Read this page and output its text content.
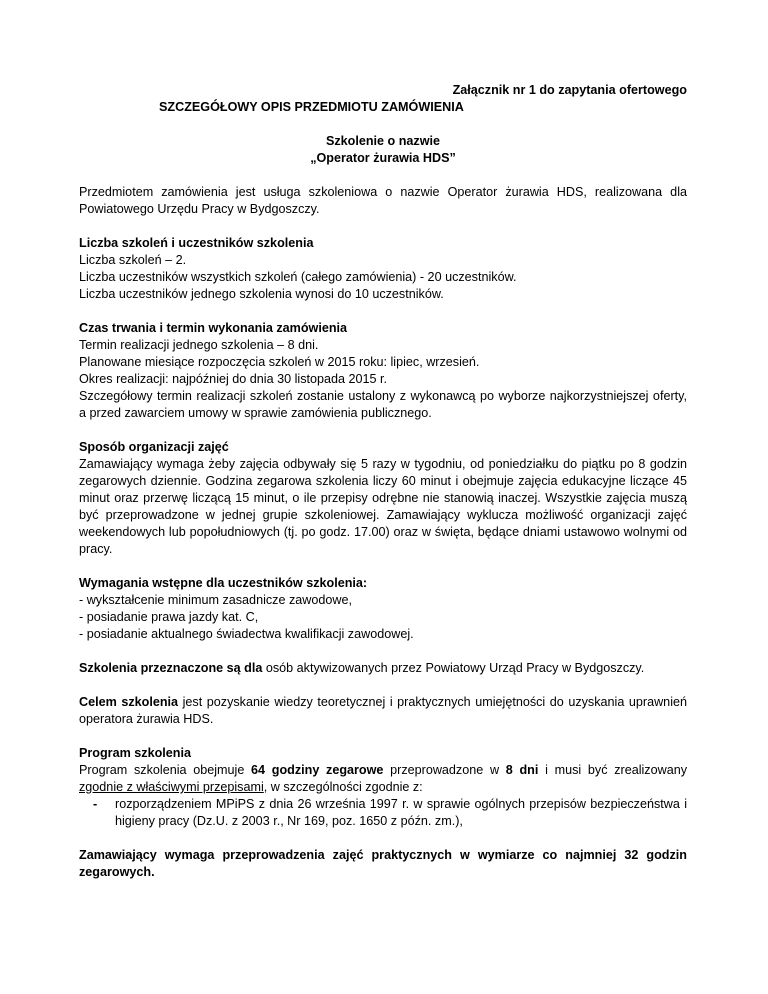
Załącznik nr 1 do zapytania ofertowego

SZCZEGÓŁOWY OPIS PRZEDMIOTU ZAMÓWIENIA

Szkolenie o nazwie

„Operator żurawia HDS”

Przedmiotem zamówienia jest usługa szkoleniowa o nazwie Operator żurawia HDS, realizowana dla Powiatowego Urzędu Pracy w Bydgoszczy.

Liczba szkoleń i uczestników szkolenia

Liczba szkoleń – 2.

Liczba uczestników wszystkich szkoleń (całego zamówienia) - 20 uczestników.

Liczba uczestników jednego szkolenia wynosi do 10 uczestników.

Czas trwania i termin wykonania zamówienia

Termin realizacji jednego szkolenia – 8 dni.

Planowane miesiące rozpoczęcia szkoleń w 2015 roku: lipiec, wrzesień.

Okres realizacji: najpóźniej do dnia 30 listopada 2015 r.

Szczegółowy termin realizacji szkoleń zostanie ustalony z wykonawcą po wyborze najkorzystniejszej oferty, a przed zawarciem umowy w sprawie zamówienia publicznego.

Sposób organizacji zajęć

Zamawiający wymaga żeby zajęcia odbywały się 5 razy w tygodniu, od poniedziałku do piątku po 8 godzin zegarowych dziennie. Godzina zegarowa szkolenia liczy 60 minut i obejmuje zajęcia edukacyjne liczące 45 minut oraz przerwę liczącą 15 minut, o ile przepisy odrębne nie stanowią inaczej. Wszystkie zajęcia muszą być przeprowadzone w jednej grupie szkoleniowej. Zamawiający wyklucza możliwość organizacji zajęć weekendowych lub popołudniowych (tj. po godz. 17.00) oraz w święta, będące dniami ustawowo wolnymi od pracy.

Wymagania wstępne dla uczestników szkolenia:

- wykształcenie minimum zasadnicze zawodowe,

- posiadanie prawa jazdy kat. C,

- posiadanie aktualnego świadectwa kwalifikacji zawodowej.

Szkolenia przeznaczone są dla osób aktywizowanych przez Powiatowy Urząd Pracy w Bydgoszczy.

Celem szkolenia jest pozyskanie wiedzy teoretycznej i praktycznych umiejętności do uzyskania uprawnień operatora żurawia HDS.

Program szkolenia

Program szkolenia obejmuje 64 godziny zegarowe przeprowadzone w 8 dni i musi być zrealizowany zgodnie z właściwymi przepisami, w szczególności zgodnie z:

-	rozporządzeniem MPiPS z dnia 26 września 1997 r. w sprawie ogólnych przepisów bezpieczeństwa i higieny pracy (Dz.U. z 2003 r., Nr 169, poz. 1650 z późn. zm.),

Zamawiający wymaga przeprowadzenia zajęć praktycznych w wymiarze co najmniej 32 godzin zegarowych.
